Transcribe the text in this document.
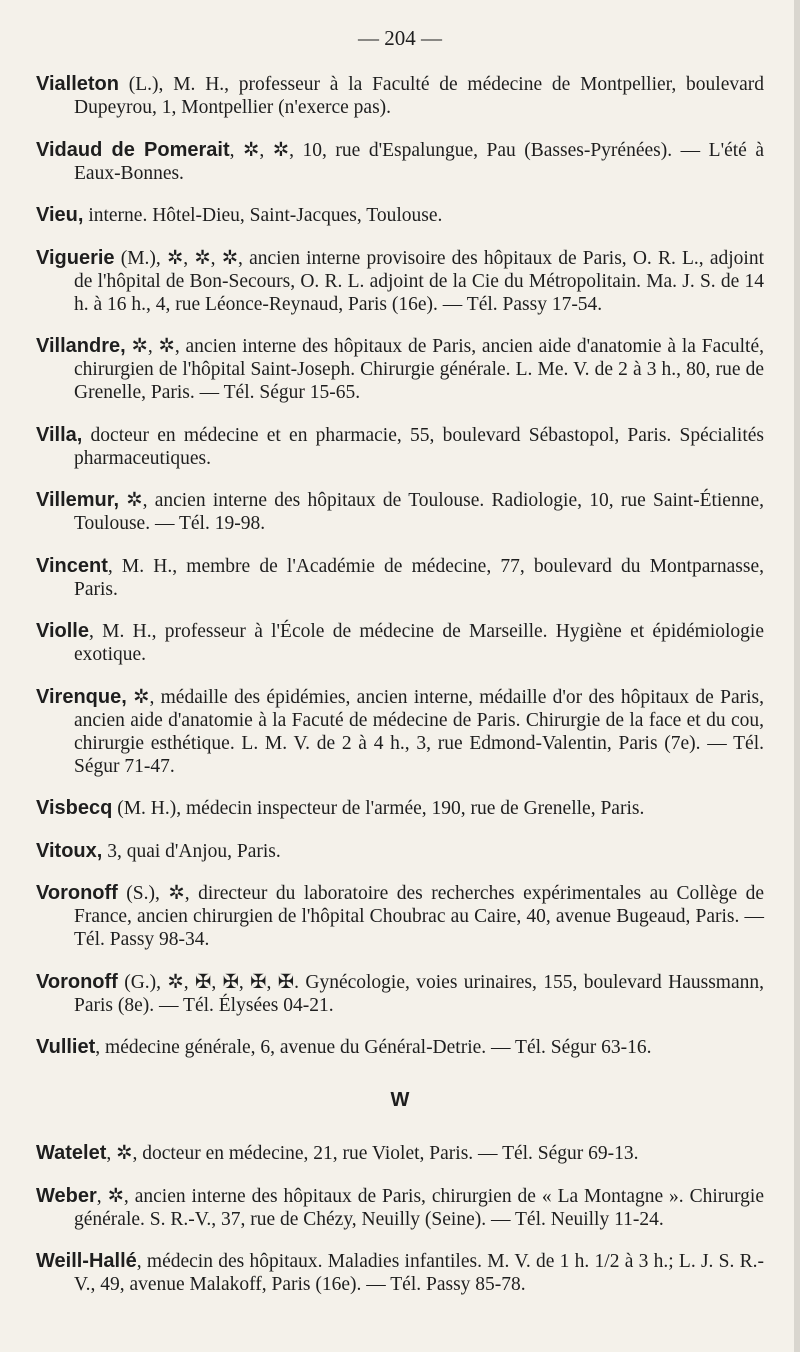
— 204 —

Vialleton (L.), M. H., professeur à la Faculté de médecine de Montpellier, boulevard Dupeyrou, 1, Montpellier (n'exerce pas).

Vidaud de Pomerait, ✲, ✲, 10, rue d'Espalungue, Pau (Basses-Pyrénées). — L'été à Eaux-Bonnes.

Vieu, interne. Hôtel-Dieu, Saint-Jacques, Toulouse.

Viguerie (M.), ✲, ✲, ✲, ancien interne provisoire des hôpitaux de Paris, O. R. L., adjoint de l'hôpital de Bon-Secours, O. R. L. adjoint de la Cie du Métropolitain. Ma. J. S. de 14 h. à 16 h., 4, rue Léonce-Reynaud, Paris (16e). — Tél. Passy 17-54.

Villandre, ✲, ✲, ancien interne des hôpitaux de Paris, ancien aide d'anatomie à la Faculté, chirurgien de l'hôpital Saint-Joseph. Chirurgie générale. L. Me. V. de 2 à 3 h., 80, rue de Grenelle, Paris. — Tél. Ségur 15-65.

Villa, docteur en médecine et en pharmacie, 55, boulevard Sébastopol, Paris. Spécialités pharmaceutiques.

Villemur, ✲, ancien interne des hôpitaux de Toulouse. Radiologie, 10, rue Saint-Étienne, Toulouse. — Tél. 19-98.

Vincent, M. H., membre de l'Académie de médecine, 77, boulevard du Montparnasse, Paris.

Violle, M. H., professeur à l'École de médecine de Marseille. Hygiène et épidémiologie exotique.

Virenque, ✲, médaille des épidémies, ancien interne, médaille d'or des hôpitaux de Paris, ancien aide d'anatomie à la Facuté de médecine de Paris. Chirurgie de la face et du cou, chirurgie esthétique. L. M. V. de 2 à 4 h., 3, rue Edmond-Valentin, Paris (7e). — Tél. Ségur 71-47.

Visbecq (M. H.), médecin inspecteur de l'armée, 190, rue de Grenelle, Paris.

Vitoux, 3, quai d'Anjou, Paris.

Voronoff (S.), ✲, directeur du laboratoire des recherches expérimentales au Collège de France, ancien chirurgien de l'hôpital Choubrac au Caire, 40, avenue Bugeaud, Paris. — Tél. Passy 98-34.

Voronoff (G.), ✲, ✠, ✠, ✠, ✠. Gynécologie, voies urinaires, 155, boulevard Haussmann, Paris (8e). — Tél. Élysées 04-21.

Vulliet, médecine générale, 6, avenue du Général-Detrie. — Tél. Ségur 63-16.

W

Watelet, ✲, docteur en médecine, 21, rue Violet, Paris. — Tél. Ségur 69-13.

Weber, ✲, ancien interne des hôpitaux de Paris, chirurgien de « La Montagne ». Chirurgie générale. S. R.-V., 37, rue de Chézy, Neuilly (Seine). — Tél. Neuilly 11-24.

Weill-Hallé, médecin des hôpitaux. Maladies infantiles. M. V. de 1 h. 1/2 à 3 h.; L. J. S. R.-V., 49, avenue Malakoff, Paris (16e). — Tél. Passy 85-78.
